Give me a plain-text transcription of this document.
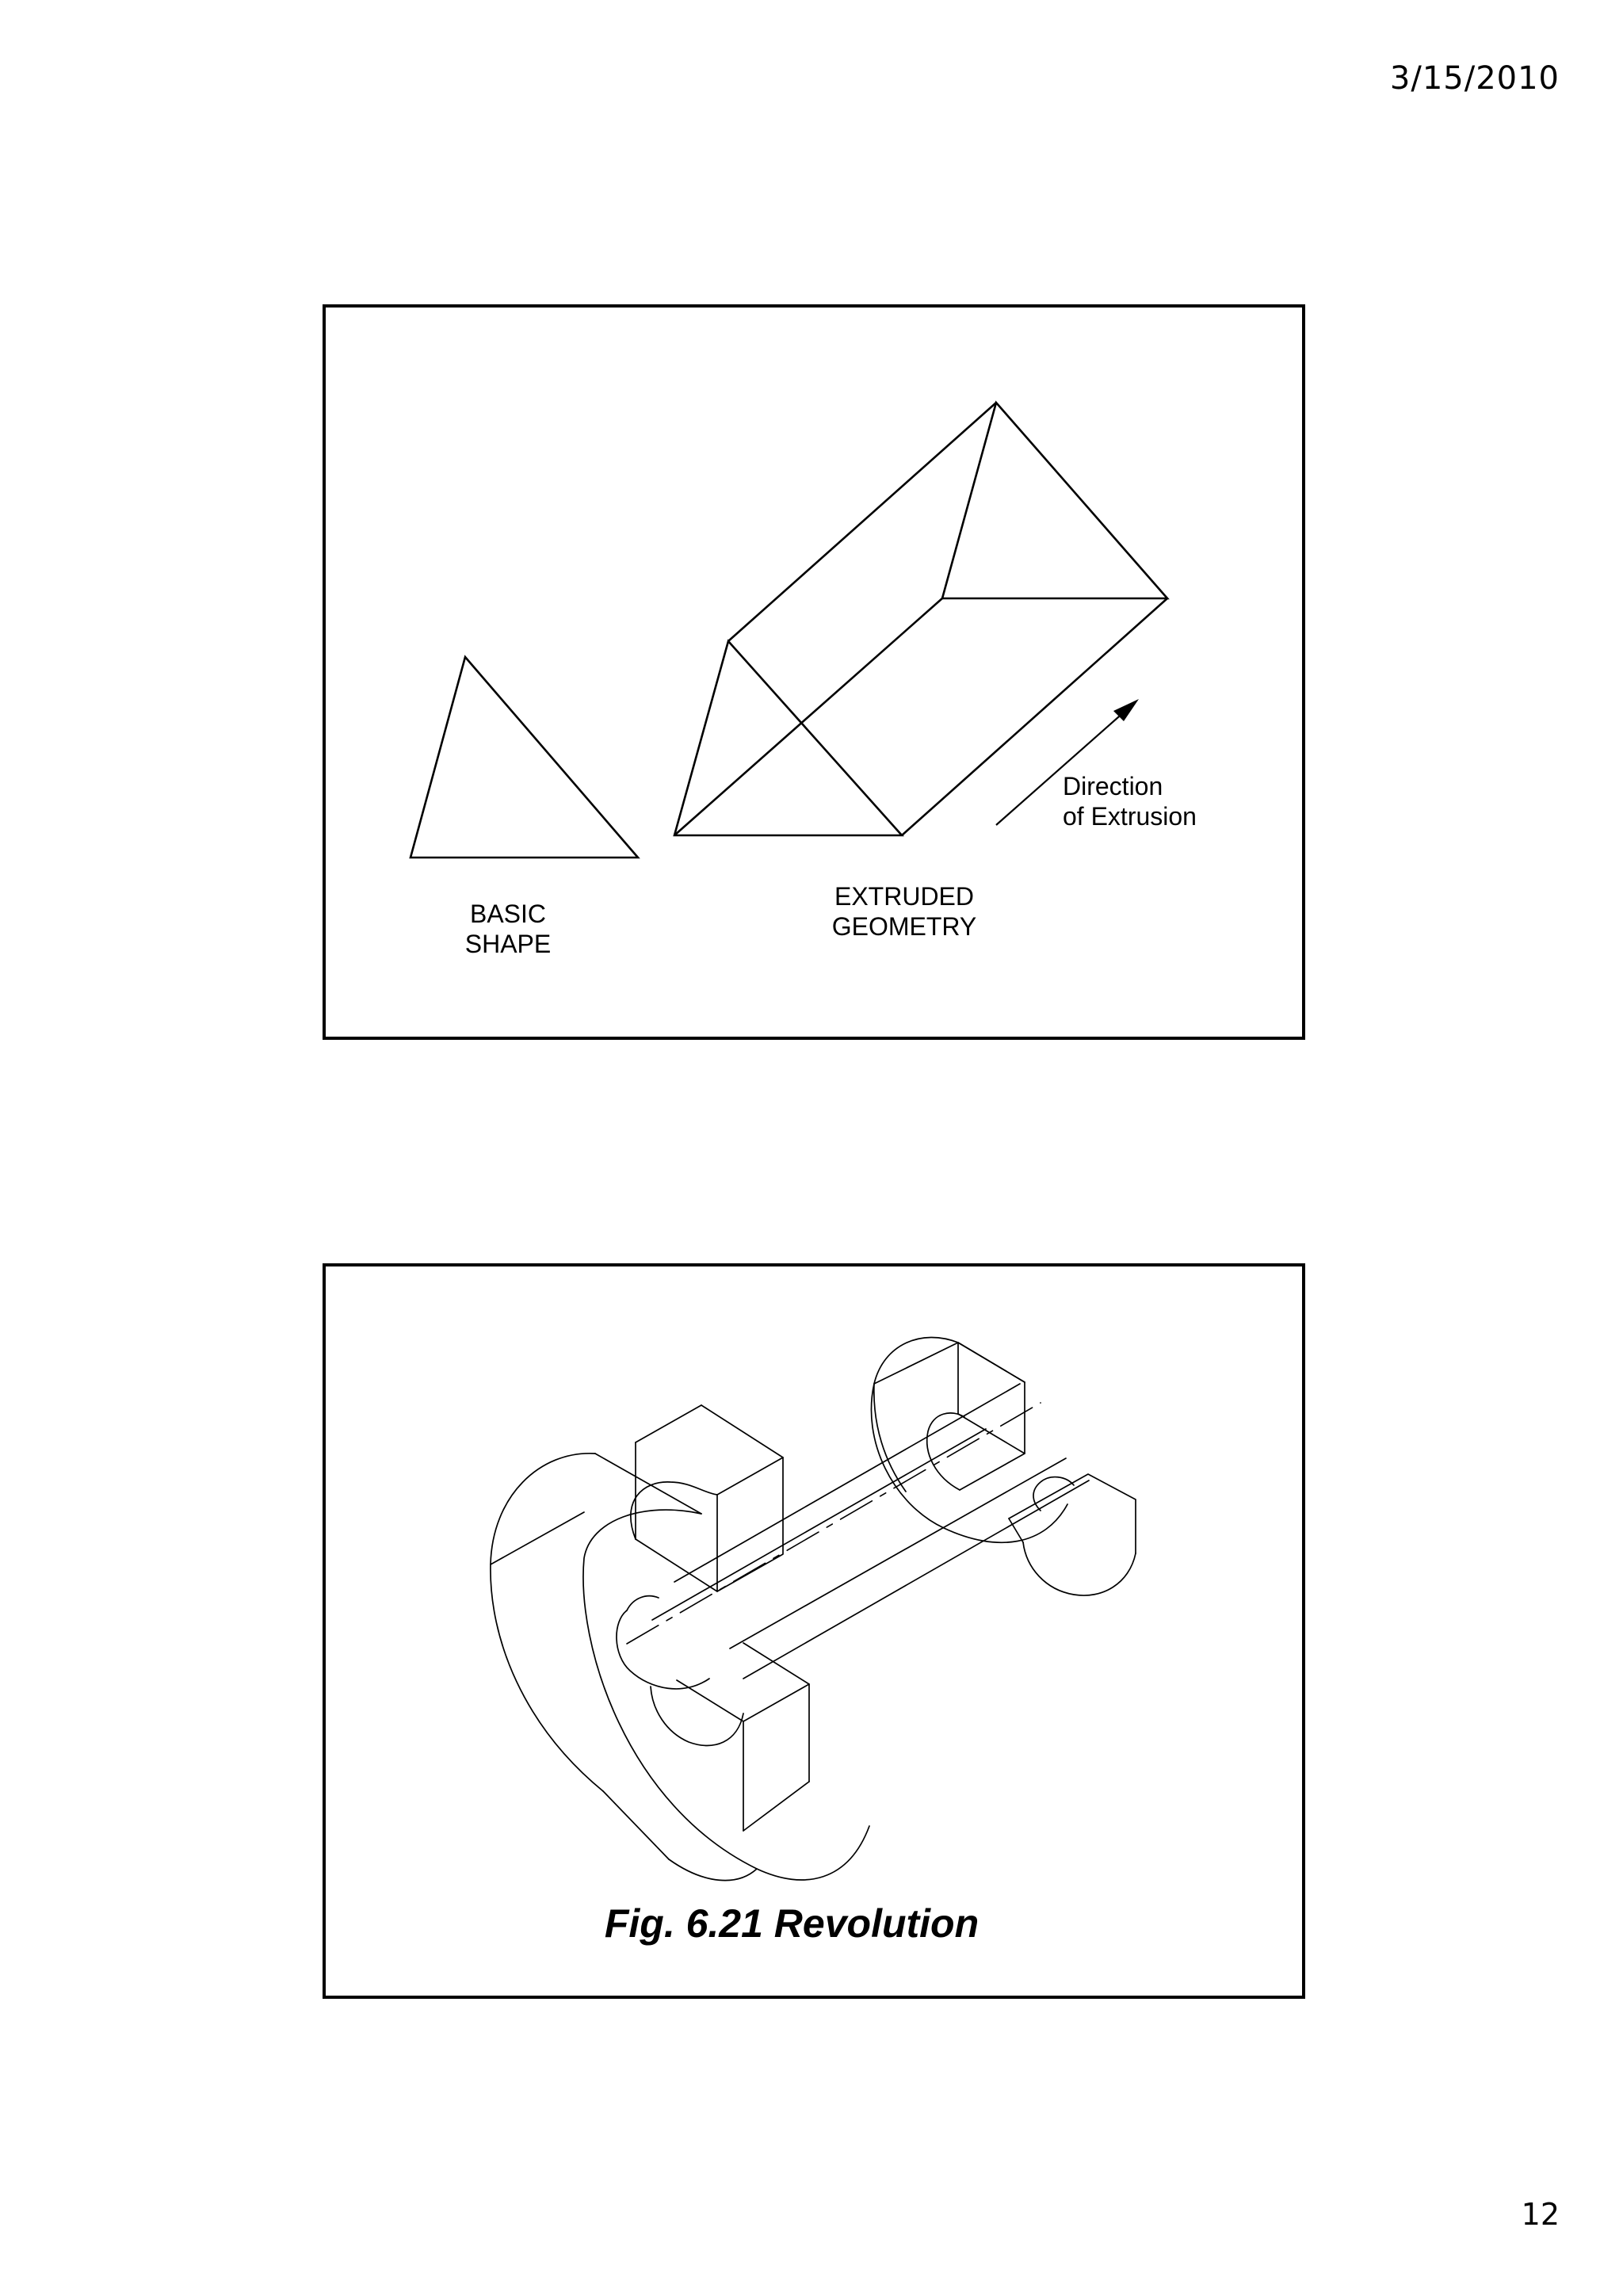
3/15/2010
BASIC
SHAPE
EXTRUDED
GEOMETRY
Direction
of Extrusion
Fig. 6.21 Revolution
12
